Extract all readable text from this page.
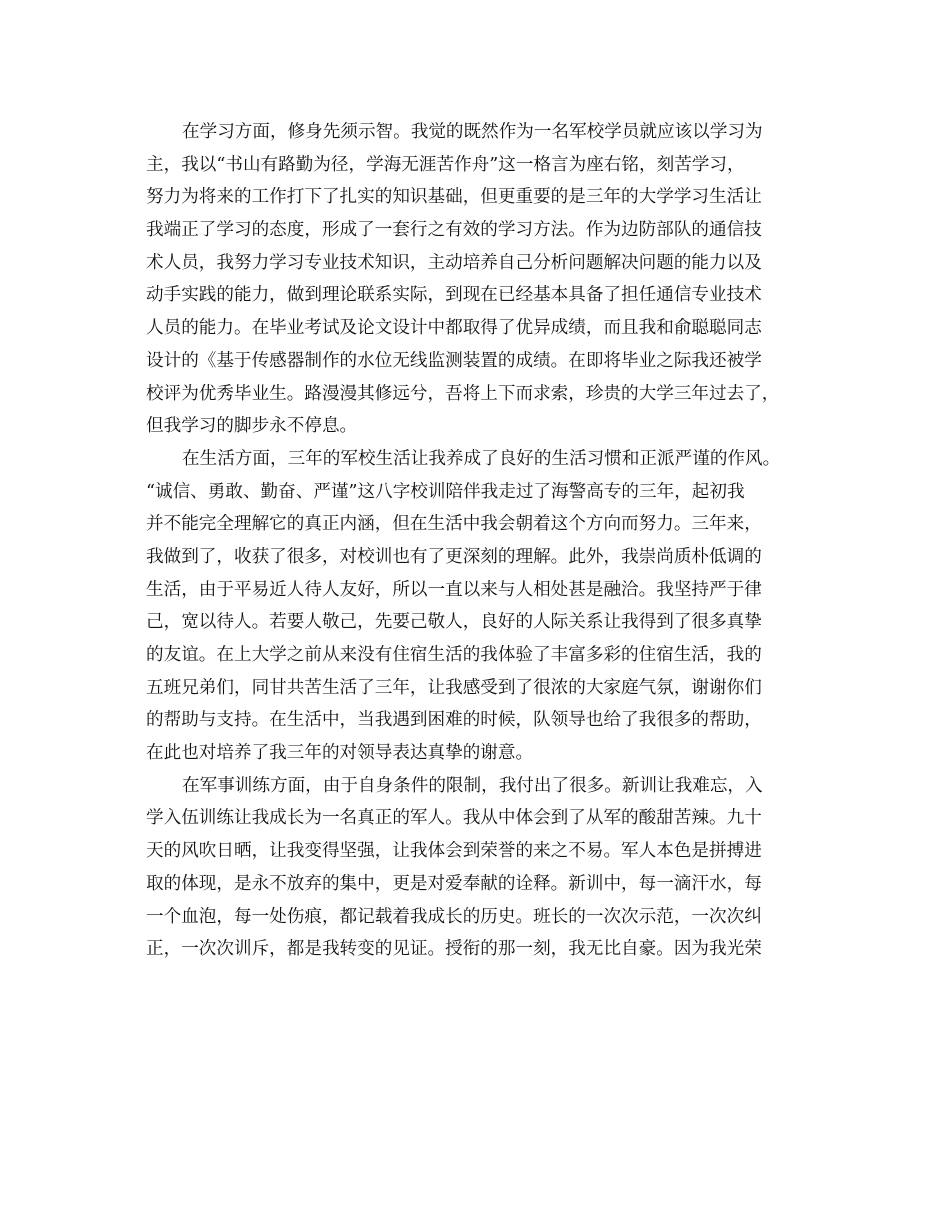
在学习方面，修身先须示智。我觉的既然作为一名军校学员就应该以学习为
主，我以“书山有路勤为径，学海无涯苦作舟”这一格言为座右铭，刻苦学习，
努力为将来的工作打下了扎实的知识基础，但更重要的是三年的大学学习生活让
我端正了学习的态度，形成了一套行之有效的学习方法。作为边防部队的通信技
术人员，我努力学习专业技术知识，主动培养自己分析问题解决问题的能力以及
动手实践的能力，做到理论联系实际，到现在已经基本具备了担任通信专业技术
人员的能力。在毕业考试及论文设计中都取得了优异成绩，而且我和俞聪聪同志
设计的《基于传感器制作的水位无线监测装置的成绩。在即将毕业之际我还被学
校评为优秀毕业生。路漫漫其修远兮，吾将上下而求索，珍贵的大学三年过去了，
但我学习的脚步永不停息。
在生活方面，三年的军校生活让我养成了良好的生活习惯和正派严谨的作风。
“诚信、勇敢、勤奋、严谨”这八字校训陪伴我走过了海警高专的三年，起初我
并不能完全理解它的真正内涵，但在生活中我会朝着这个方向而努力。三年来，
我做到了，收获了很多，对校训也有了更深刻的理解。此外，我崇尚质朴低调的
生活，由于平易近人待人友好，所以一直以来与人相处甚是融洽。我坚持严于律
己，宽以待人。若要人敬己，先要己敬人，良好的人际关系让我得到了很多真挚
的友谊。在上大学之前从来没有住宿生活的我体验了丰富多彩的住宿生活，我的
五班兄弟们，同甘共苦生活了三年，让我感受到了很浓的大家庭气氛，谢谢你们
的帮助与支持。在生活中，当我遇到困难的时候，队领导也给了我很多的帮助，
在此也对培养了我三年的对领导表达真挚的谢意。
在军事训练方面，由于自身条件的限制，我付出了很多。新训让我难忘，入
学入伍训练让我成长为一名真正的军人。我从中体会到了从军的酸甜苦辣。九十
天的风吹日晒，让我变得坚强，让我体会到荣誉的来之不易。军人本色是拼搏进
取的体现，是永不放弃的集中，更是对爱奉献的诠释。新训中，每一滴汗水，每
一个血泡，每一处伤痕，都记载着我成长的历史。班长的一次次示范，一次次纠
正，一次次训斥，都是我转变的见证。授衔的那一刻，我无比自豪。因为我光荣
